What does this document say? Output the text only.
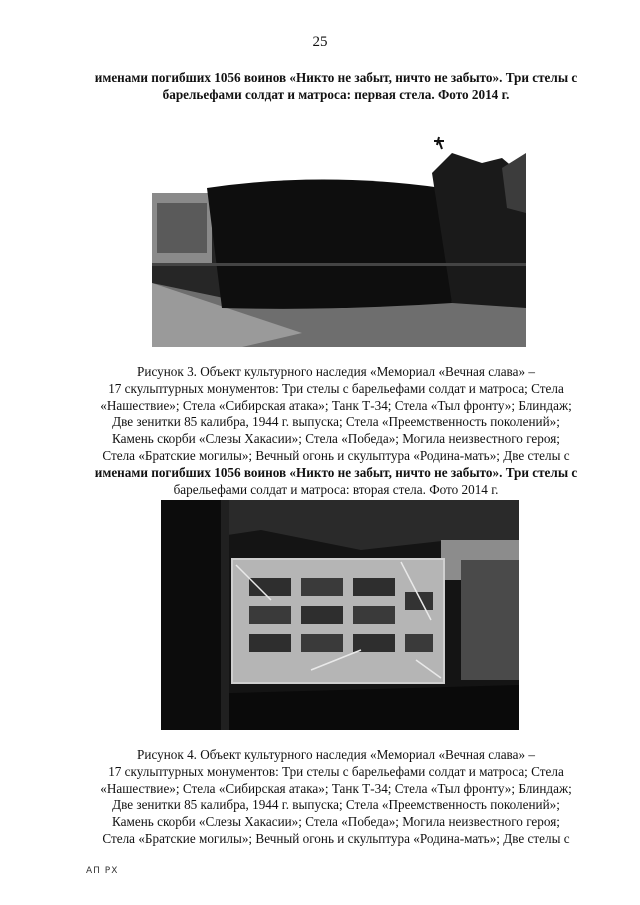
25
именами погибших 1056 воинов «Никто не забыт, ничто не забыто». Три стелы с
барельефами солдат и матроса: первая стела. Фото 2014 г.
Рисунок 3. Объект культурного наследия «Мемориал «Вечная слава» –
17 скульптурных монументов: Три стелы с барельефами солдат и матроса; Стела
«Нашествие»; Стела «Сибирская атака»; Танк Т-34; Стела «Тыл фронту»; Блиндаж;
Две зенитки 85 калибра, 1944 г. выпуска; Стела «Преемственность поколений»;
Камень скорби «Слезы Хакасии»; Стела «Победа»; Могила неизвестного героя;
Стела «Братские могилы»; Вечный огонь и скульптура «Родина-мать»; Две стелы с
именами погибших 1056 воинов «Никто не забыт, ничто не забыто». Три стелы с
барельефами солдат и матроса: вторая стела. Фото 2014 г.
Рисунок 4. Объект культурного наследия «Мемориал «Вечная слава» –
17 скульптурных монументов: Три стелы с барельефами солдат и матроса; Стела
«Нашествие»; Стела «Сибирская атака»; Танк Т-34; Стела «Тыл фронту»; Блиндаж;
Две зенитки 85 калибра, 1944 г. выпуска; Стела «Преемственность поколений»;
Камень скорби «Слезы Хакасии»; Стела «Победа»; Могила неизвестного героя;
Стела «Братские могилы»; Вечный огонь и скульптура «Родина-мать»; Две стелы с
АП РХ
